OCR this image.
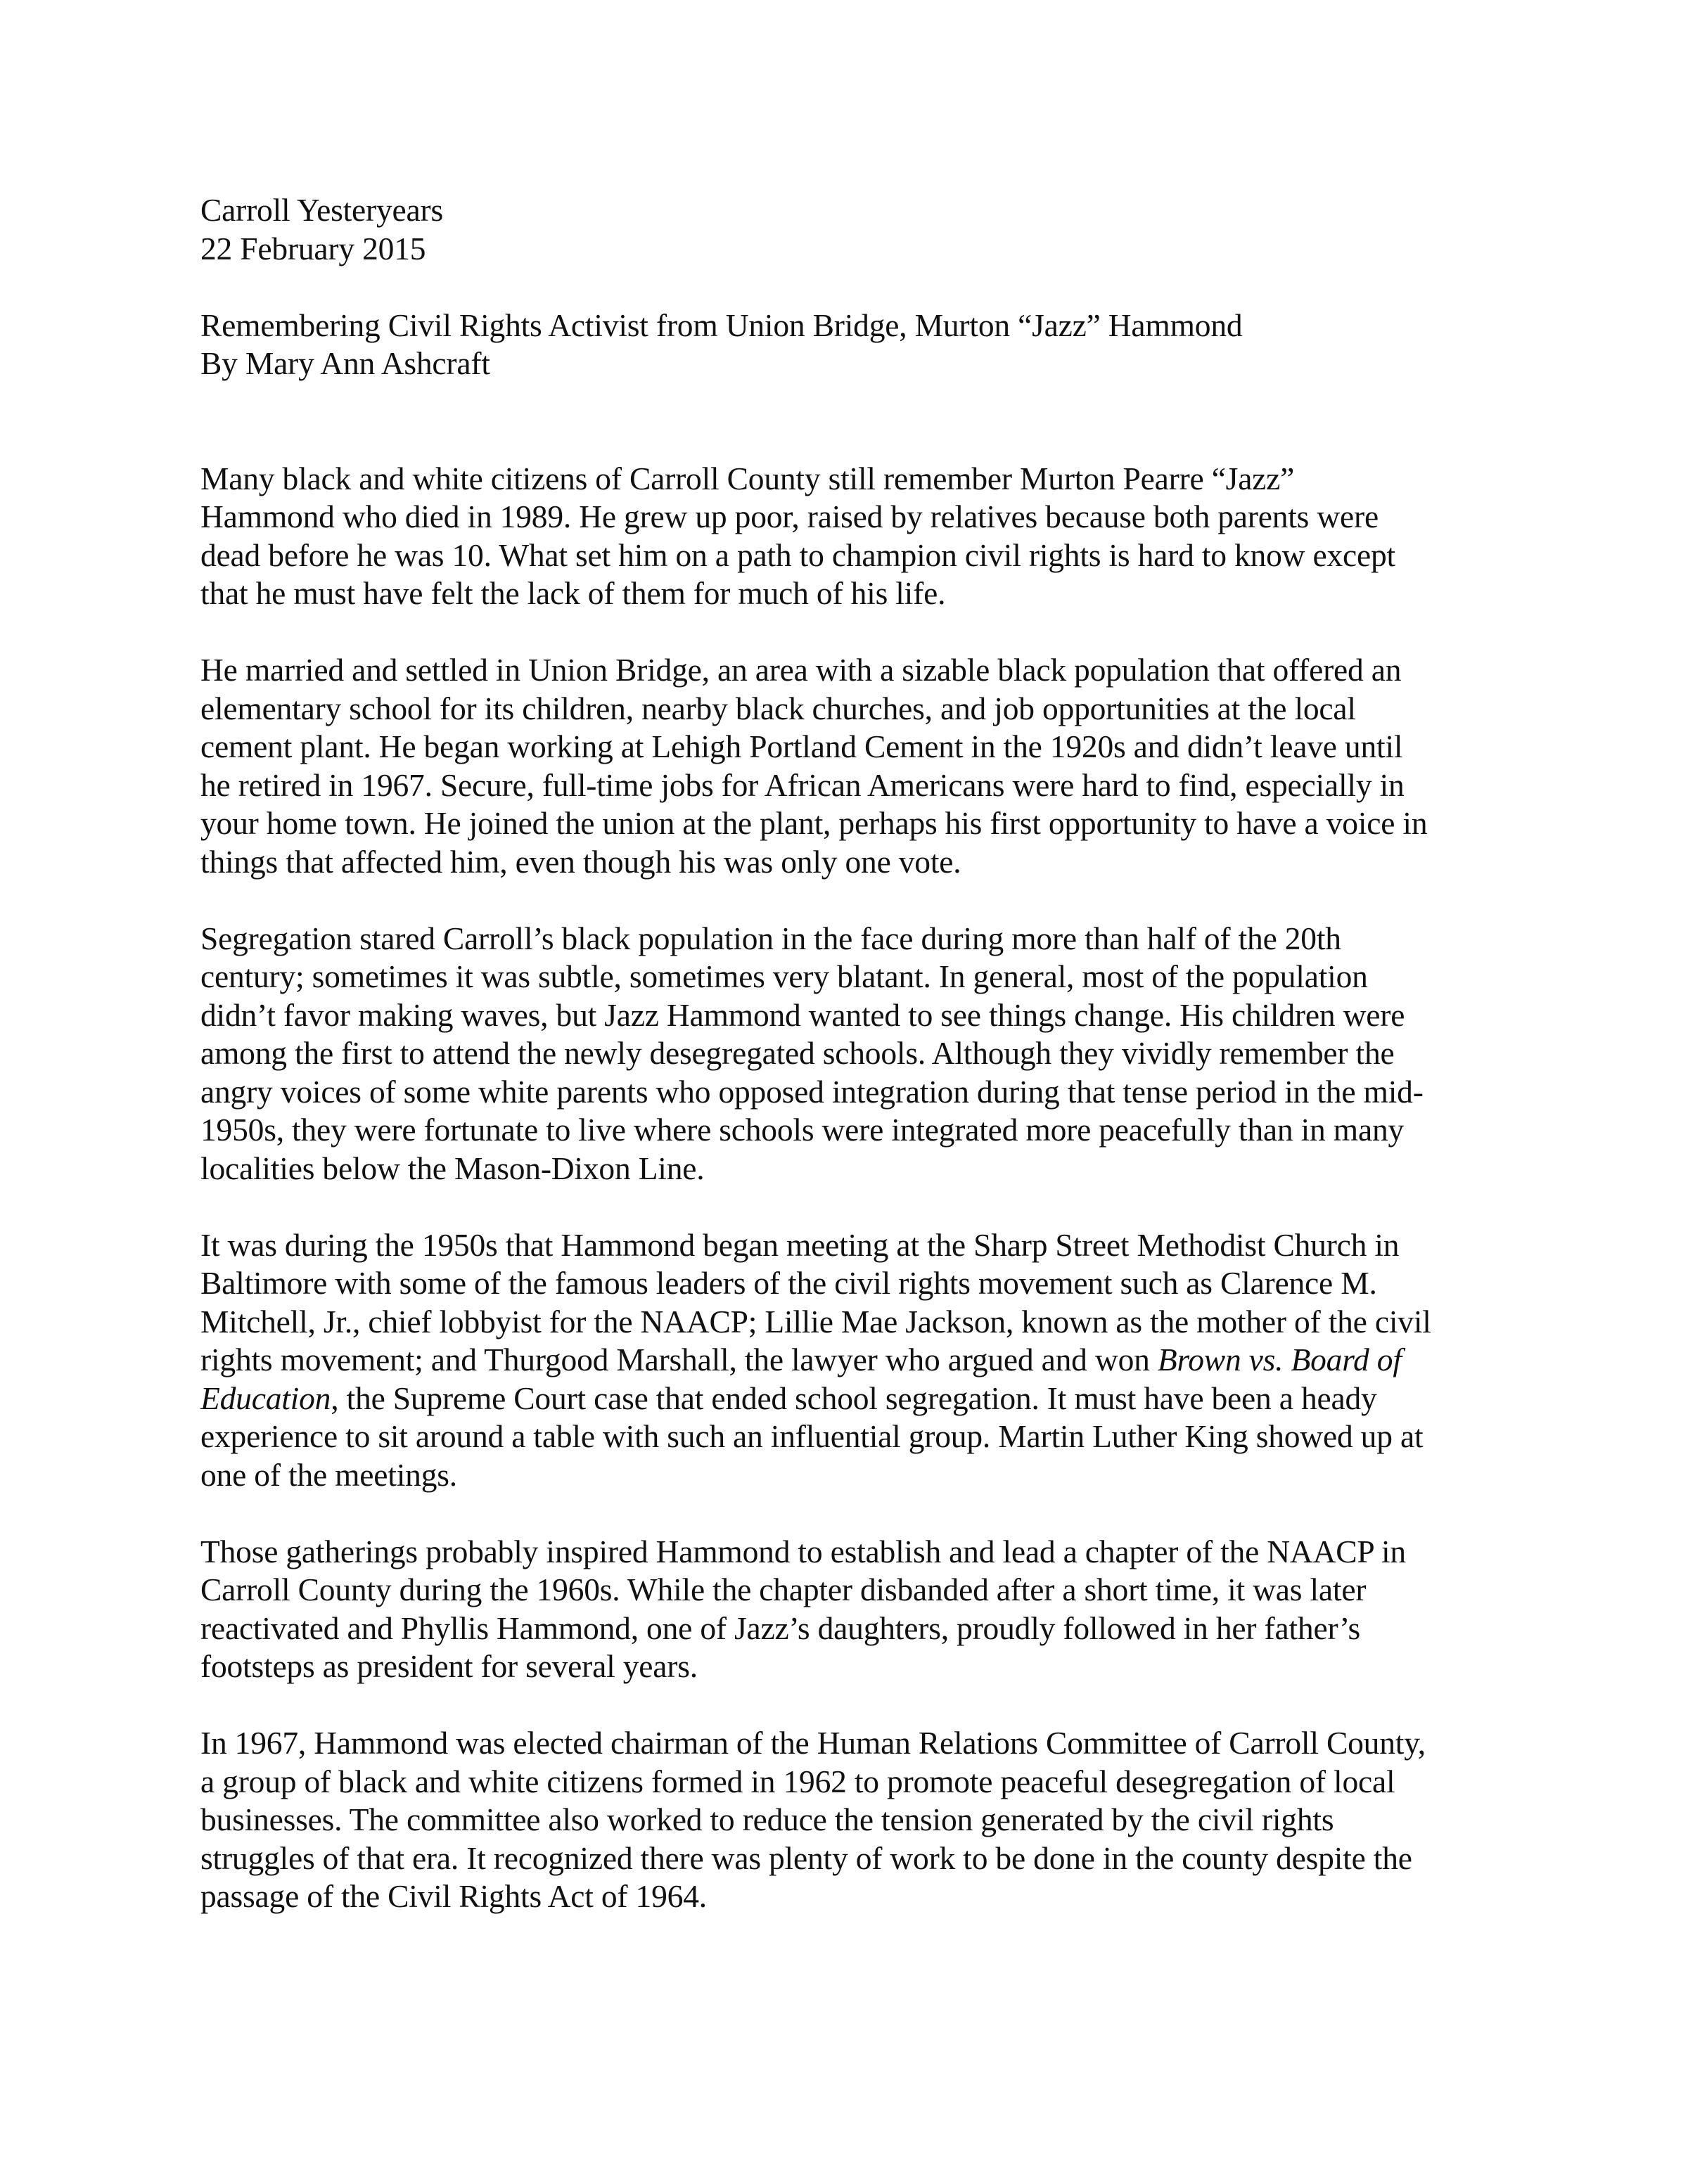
Carroll Yesteryears
22 February 2015
Remembering Civil Rights Activist from Union Bridge, Murton “Jazz” Hammond
By Mary Ann Ashcraft
Many black and white citizens of Carroll County still remember Murton Pearre “Jazz”
Hammond who died in 1989. He grew up poor, raised by relatives because both parents were
dead before he was 10. What set him on a path to champion civil rights is hard to know except
that he must have felt the lack of them for much of his life.
He married and settled in Union Bridge, an area with a sizable black population that offered an
elementary school for its children, nearby black churches, and job opportunities at the local
cement plant. He began working at Lehigh Portland Cement in the 1920s and didn’t leave until
he retired in 1967. Secure, full-time jobs for African Americans were hard to find, especially in
your home town. He joined the union at the plant, perhaps his first opportunity to have a voice in
things that affected him, even though his was only one vote.
Segregation stared Carroll’s black population in the face during more than half of the 20th
century; sometimes it was subtle, sometimes very blatant. In general, most of the population
didn’t favor making waves, but Jazz Hammond wanted to see things change. His children were
among the first to attend the newly desegregated schools. Although they vividly remember the
angry voices of some white parents who opposed integration during that tense period in the mid-
1950s, they were fortunate to live where schools were integrated more peacefully than in many
localities below the Mason-Dixon Line.
It was during the 1950s that Hammond began meeting at the Sharp Street Methodist Church in
Baltimore with some of the famous leaders of the civil rights movement such as Clarence M.
Mitchell, Jr., chief lobbyist for the NAACP; Lillie Mae Jackson, known as the mother of the civil
rights movement; and Thurgood Marshall, the lawyer who argued and won Brown vs. Board of
Education, the Supreme Court case that ended school segregation. It must have been a heady
experience to sit around a table with such an influential group. Martin Luther King showed up at
one of the meetings.
Those gatherings probably inspired Hammond to establish and lead a chapter of the NAACP in
Carroll County during the 1960s. While the chapter disbanded after a short time, it was later
reactivated and Phyllis Hammond, one of Jazz’s daughters, proudly followed in her father’s
footsteps as president for several years.
In 1967, Hammond was elected chairman of the Human Relations Committee of Carroll County,
a group of black and white citizens formed in 1962 to promote peaceful desegregation of local
businesses. The committee also worked to reduce the tension generated by the civil rights
struggles of that era. It recognized there was plenty of work to be done in the county despite the
passage of the Civil Rights Act of 1964.
